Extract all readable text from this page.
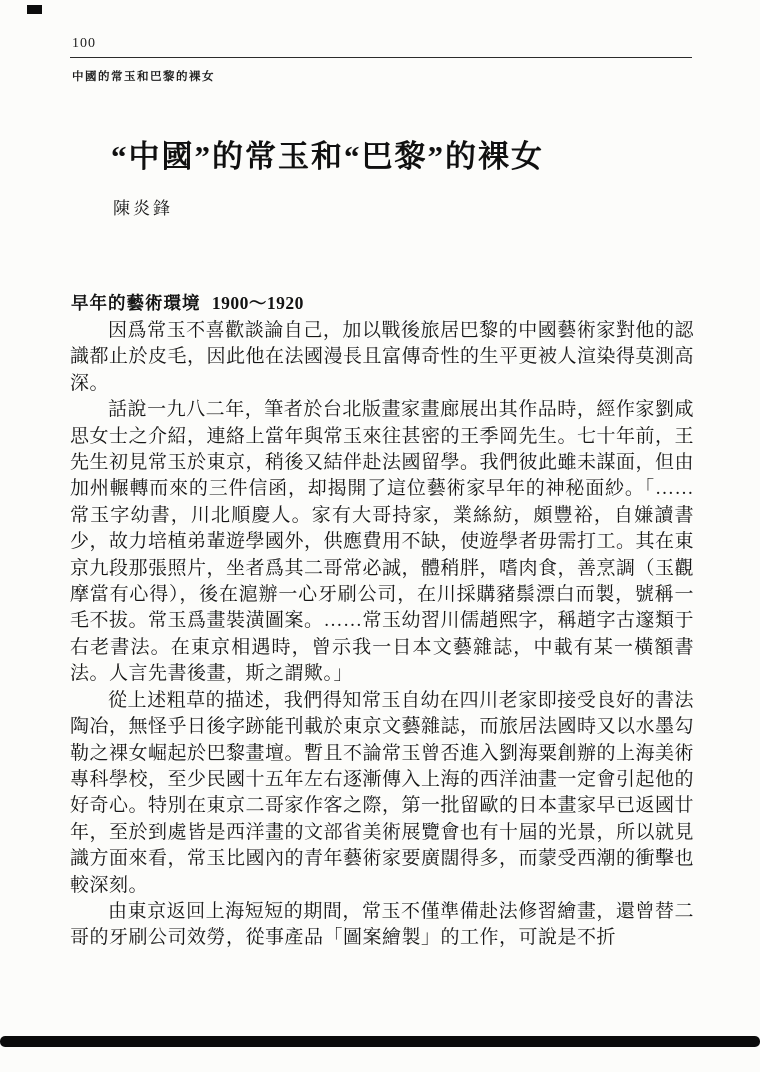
100
中國的常玉和巴黎的裸女
“中國”的常玉和“巴黎”的裸女
陳炎鋒
早年的藝術環境 1900～1920

因爲常玉不喜歡談論自己，加以戰後旅居巴黎的中國藝術家對他的認識都止於皮毛，因此他在法國漫長且富傳奇性的生平更被人渲染得莫測高深。

話說一九八二年，筆者於台北版畫家畫廊展出其作品時，經作家劉咸思女士之介紹，連絡上當年與常玉來往甚密的王季岡先生。七十年前，王先生初見常玉於東京，稍後又結伴赴法國留學。我們彼此雖未謀面，但由加州輾轉而來的三件信函，却揭開了這位藝術家早年的神秘面紗。「……常玉字幼書，川北順慶人。家有大哥持家，業絲紡，頗豐裕，自嫌讀書少，故力培植弟輩遊學國外，供應費用不缺，使遊學者毋需打工。其在東京九段那張照片，坐者爲其二哥常必誠，體稍胖，嗜肉食，善烹調（玉觀摩當有心得），後在滬辦一心牙刷公司，在川採購豬鬃漂白而製，號稱一毛不拔。常玉爲畫裝潢圖案。……常玉幼習川儒趙熙字，稱趙字古邃類于右老書法。在東京相遇時，曾示我一日本文藝雜誌，中載有某一橫額書法。人言先書後畫，斯之謂歟。」

從上述粗草的描述，我們得知常玉自幼在四川老家即接受良好的書法陶冶，無怪乎日後字跡能刊載於東京文藝雜誌，而旅居法國時又以水墨勾勒之裸女崛起於巴黎畫壇。暫且不論常玉曾否進入劉海粟創辦的上海美術專科學校，至少民國十五年左右逐漸傳入上海的西洋油畫一定會引起他的好奇心。特別在東京二哥家作客之際，第一批留歐的日本畫家早已返國廿年，至於到處皆是西洋畫的文部省美術展覽會也有十屆的光景，所以就見識方面來看，常玉比國內的青年藝術家要廣闊得多，而蒙受西潮的衝擊也較深刻。

由東京返回上海短短的期間，常玉不僅準備赴法修習繪畫，還曾替二哥的牙刷公司效勞，從事產品「圖案繪製」的工作，可說是不折
